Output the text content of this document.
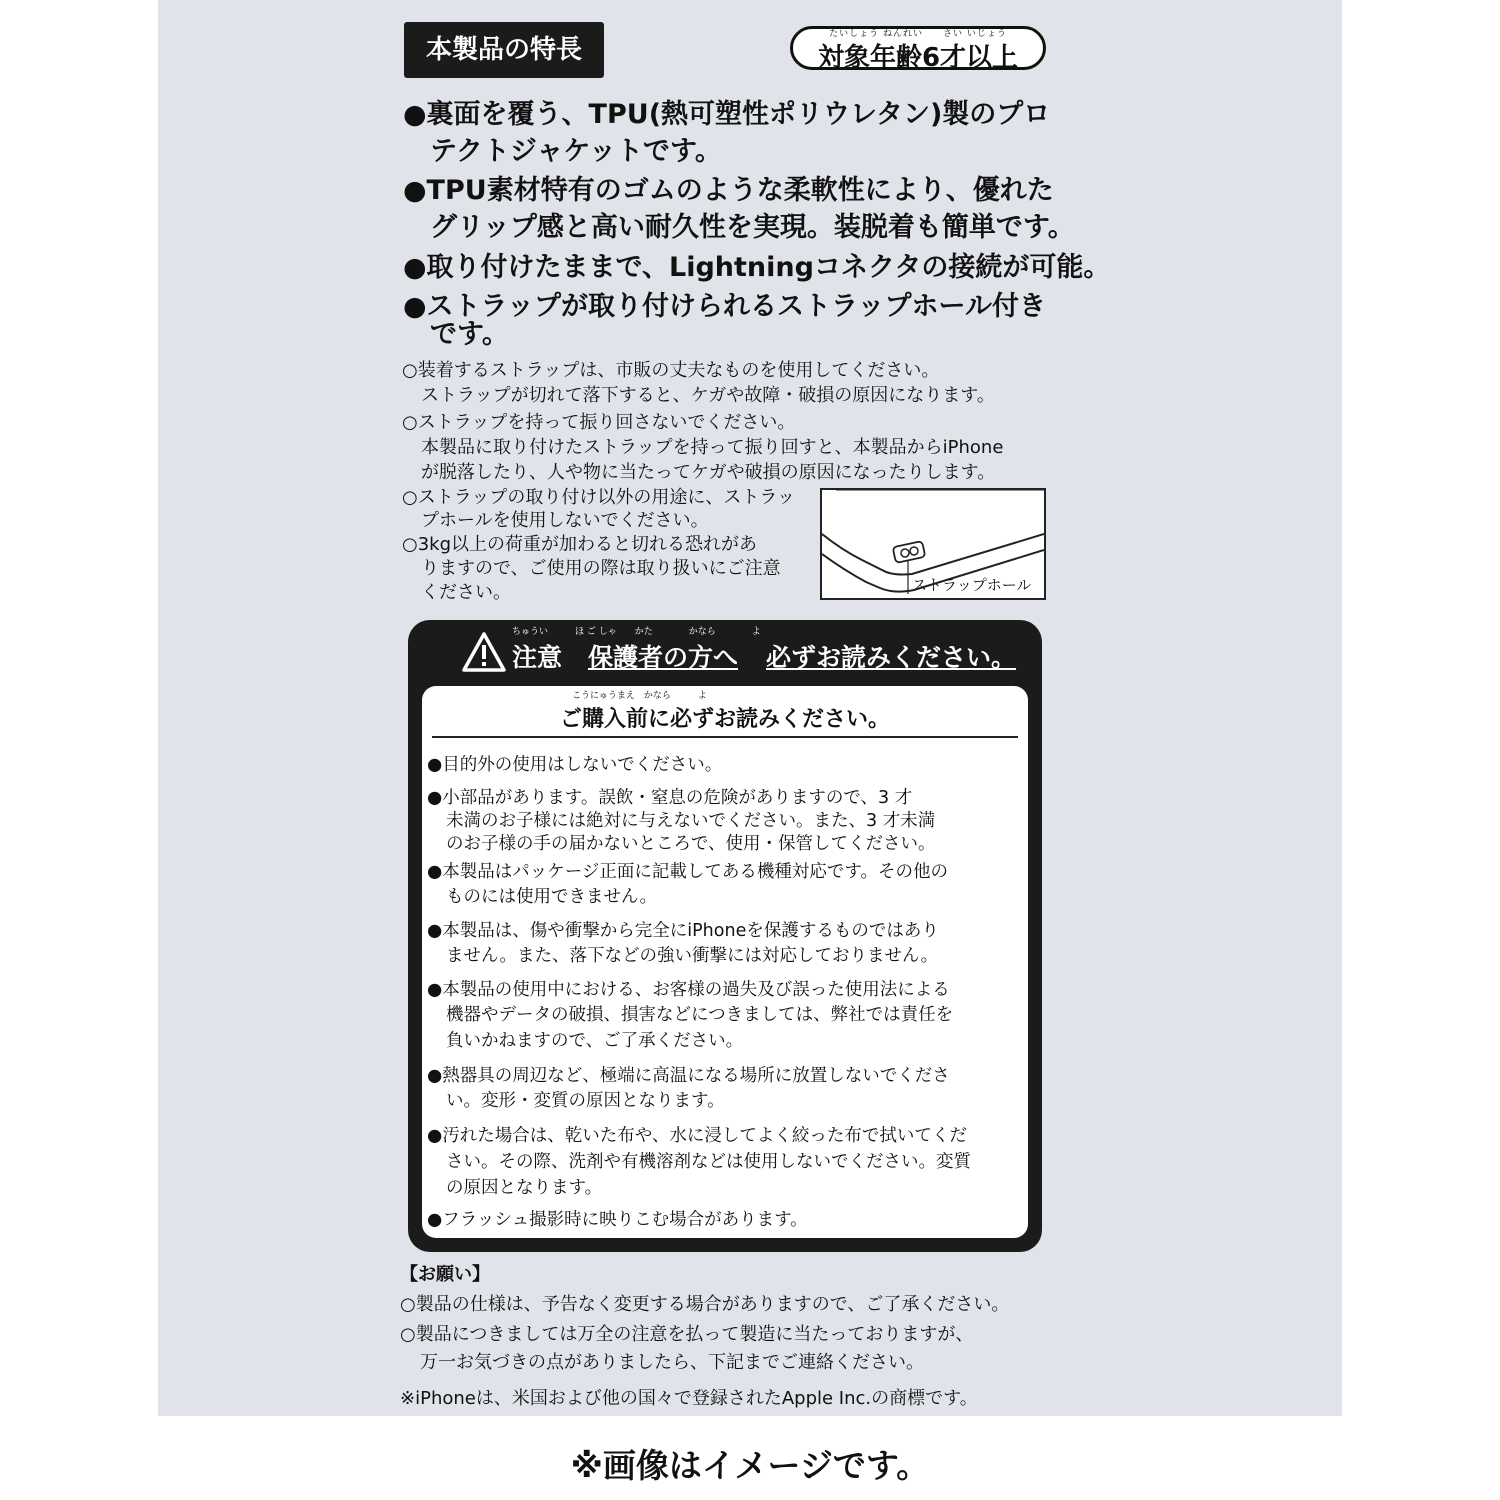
本製品の特長
たいしょう ねんれい　　さい いじょう
対象年齢6才以上
●裏面を覆う、TPU(熱可塑性ポリウレタン)製のプロ
テクトジャケットです。
●TPU素材特有のゴムのような柔軟性により、優れた
グリップ感と高い耐久性を実現。装脱着も簡単です。
●取り付けたままで、Lightningコネクタの接続が可能。
●ストラップが取り付けられるストラップホール付き
です。
○装着するストラップは、市販の丈夫なものを使用してください。
ストラップが切れて落下すると、ケガや故障・破損の原因になります。
○ストラップを持って振り回さないでください。
本製品に取り付けたストラップを持って振り回すと、本製品からiPhone
が脱落したり、人や物に当たってケガや破損の原因になったりします。
○ストラップの取り付け以外の用途に、ストラッ
プホールを使用しないでください。
○3kg以上の荷重が加わると切れる恐れがあ
りますので、ご使用の際は取り扱いにご注意
ください。	ストラップホール
ちゅうい　　　ほ ご しゃ　　かた　　　　かなら　　　　よ
注意 保護者の方へ 必ずお読みください。
こうにゅうまえ　かなら　　　よ
ご購入前に必ずお読みください。
●目的外の使用はしないでください。
●小部品があります。誤飲・窒息の危険がありますので、3 才
未満のお子様には絶対に与えないでください。また、3 才未満
のお子様の手の届かないところで、使用・保管してください。
●本製品はパッケージ正面に記載してある機種対応です。その他の
ものには使用できません。
●本製品は、傷や衝撃から完全にiPhoneを保護するものではあり
ません。また、落下などの強い衝撃には対応しておりません。
●本製品の使用中における、お客様の過失及び誤った使用法による
機器やデータの破損、損害などにつきましては、弊社では責任を
負いかねますので、ご了承ください。
●熱器具の周辺など、極端に高温になる場所に放置しないでくださ
い。変形・変質の原因となります。
●汚れた場合は、乾いた布や、水に浸してよく絞った布で拭いてくだ
さい。その際、洗剤や有機溶剤などは使用しないでください。変質
の原因となります。
●フラッシュ撮影時に映りこむ場合があります。
【お願い】
○製品の仕様は、予告なく変更する場合がありますので、ご了承ください。
○製品につきましては万全の注意を払って製造に当たっておりますが、
万一お気づきの点がありましたら、下記までご連絡ください。
※iPhoneは、米国および他の国々で登録されたApple Inc.の商標です。
※画像はイメージです。
